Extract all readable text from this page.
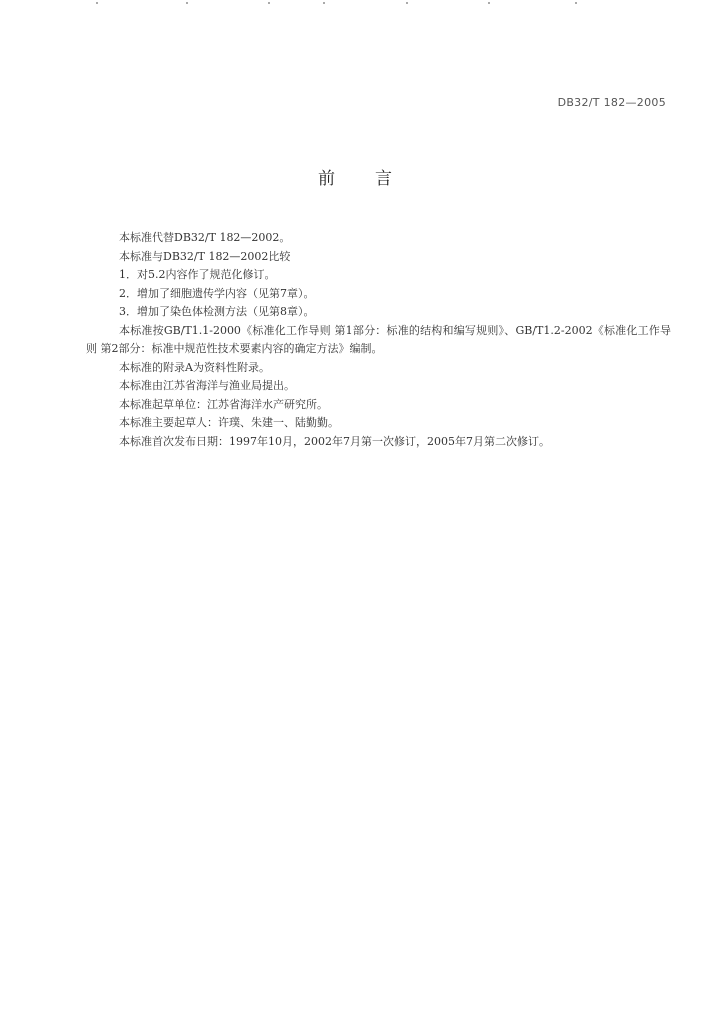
DB32/T 182—2005
前言

本标准代替DB32/T 182—2002。

本标准与DB32/T 182—2002比较

1．对5.2内容作了规范化修订。

2．增加了细胞遗传学内容（见第7章）。

3．增加了染色体检测方法（见第8章）。

本标准按GB/T1.1-2000《标准化工作导则 第1部分：标准的结构和编写规则》、GB/T1.2-2002《标准化工作导则 第2部分：标准中规范性技术要素内容的确定方法》编制。

本标准的附录A为资料性附录。

本标准由江苏省海洋与渔业局提出。

本标准起草单位：江苏省海洋水产研究所。

本标准主要起草人：许璞、朱建一、陆勤勤。

本标准首次发布日期：1997年10月，2002年7月第一次修订，2005年7月第二次修订。
